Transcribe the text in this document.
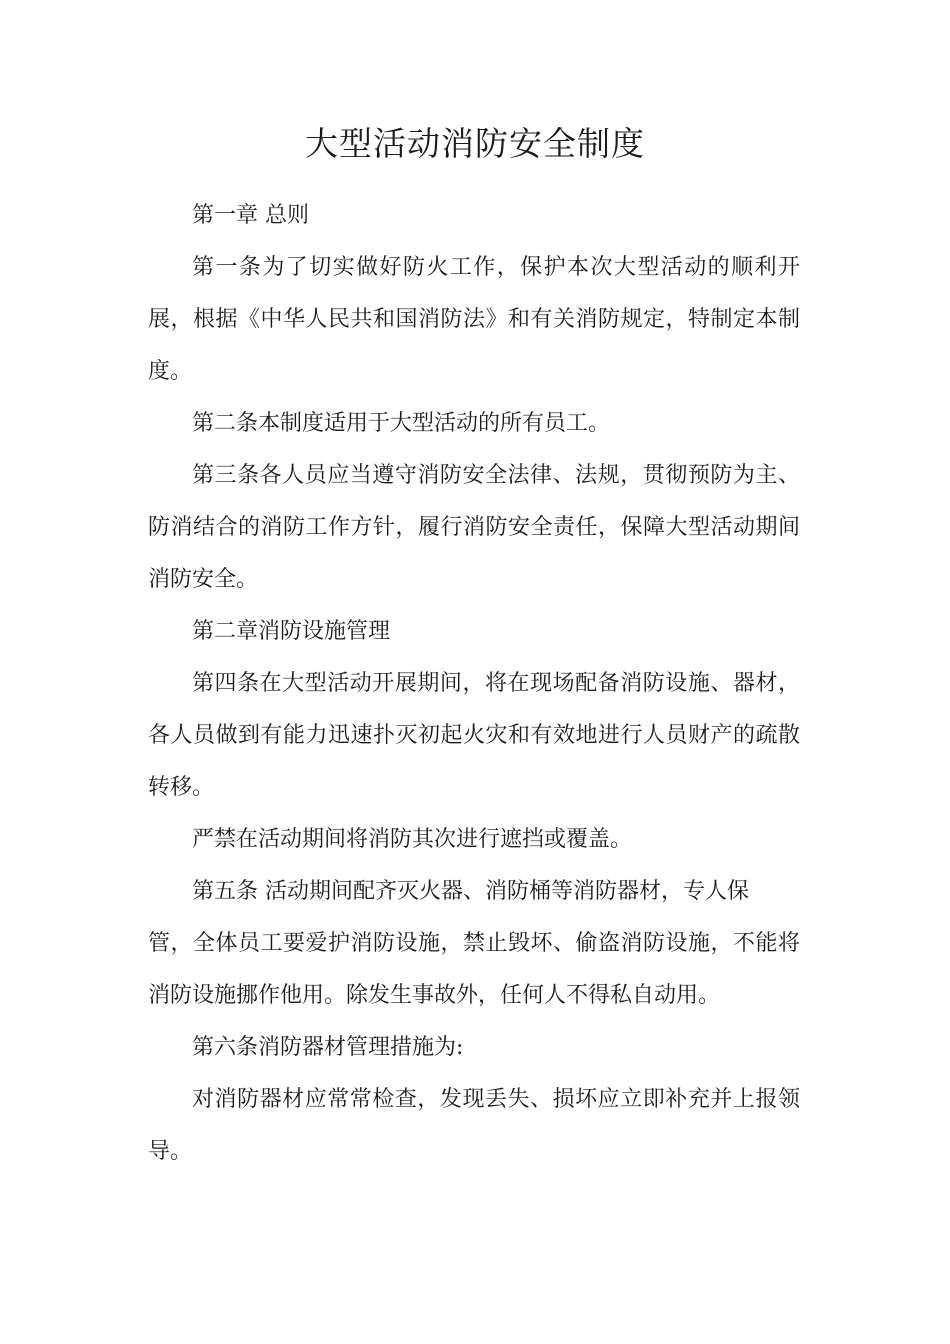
大型活动消防安全制度
第一章 总则
第一条为了切实做好防火工作，保护本次大型活动的顺利开
展，根据《中华人民共和国消防法》和有关消防规定，特制定本制
度。
第二条本制度适用于大型活动的所有员工。
第三条各人员应当遵守消防安全法律、法规，贯彻预防为主、
防消结合的消防工作方针，履行消防安全责任，保障大型活动期间
消防安全。
第二章消防设施管理
第四条在大型活动开展期间，将在现场配备消防设施、器材，
各人员做到有能力迅速扑灭初起火灾和有效地进行人员财产的疏散
转移。
严禁在活动期间将消防其次进行遮挡或覆盖。
第五条 活动期间配齐灭火器、消防桶等消防器材，专人保
管，全体员工要爱护消防设施，禁止毁坏、偷盗消防设施，不能将
消防设施挪作他用。除发生事故外，任何人不得私自动用。
第六条消防器材管理措施为:
对消防器材应常常检查，发现丢失、损坏应立即补充并上报领
导。
